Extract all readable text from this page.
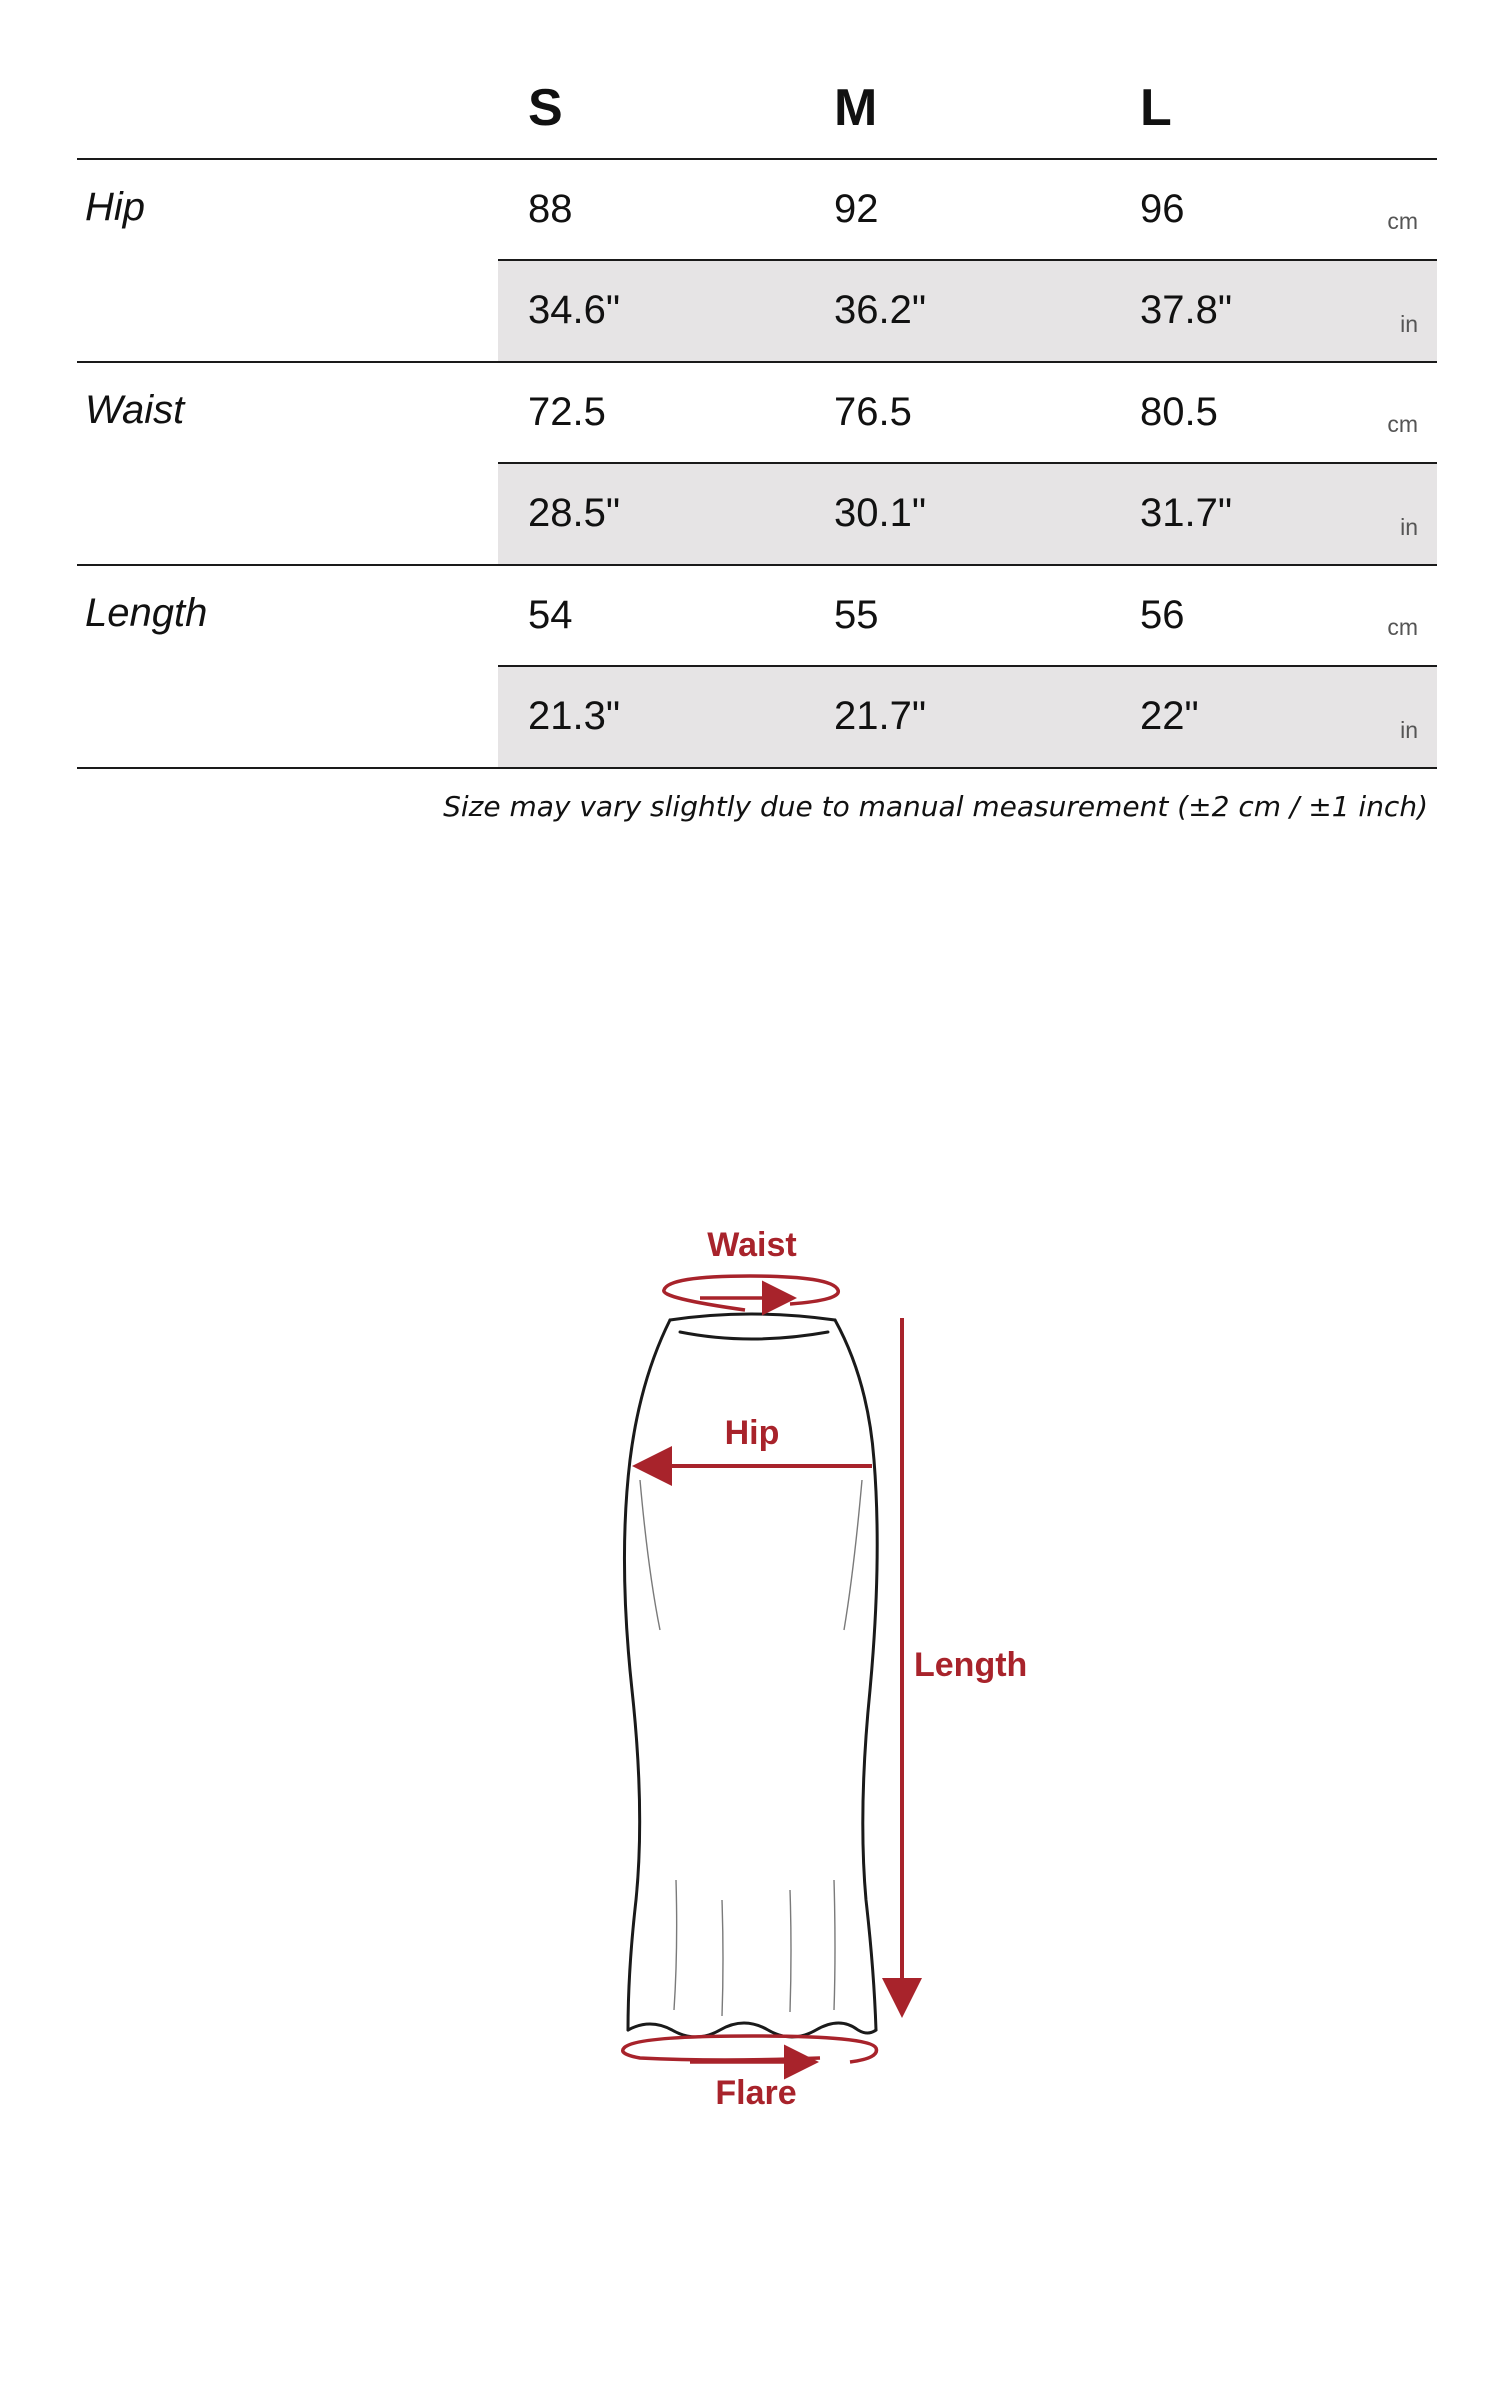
S	M	L
Hip	88	92	96	cm
34.6"	36.2"	37.8"	in
Waist	72.5	76.5	80.5	cm
28.5"	30.1"	31.7"	in
Length	54	55	56	cm
21.3"	21.7"	22"	in
Size may vary slightly due to manual measurement (±2 cm / ±1 inch)
Waist
Hip
Length
Flare
